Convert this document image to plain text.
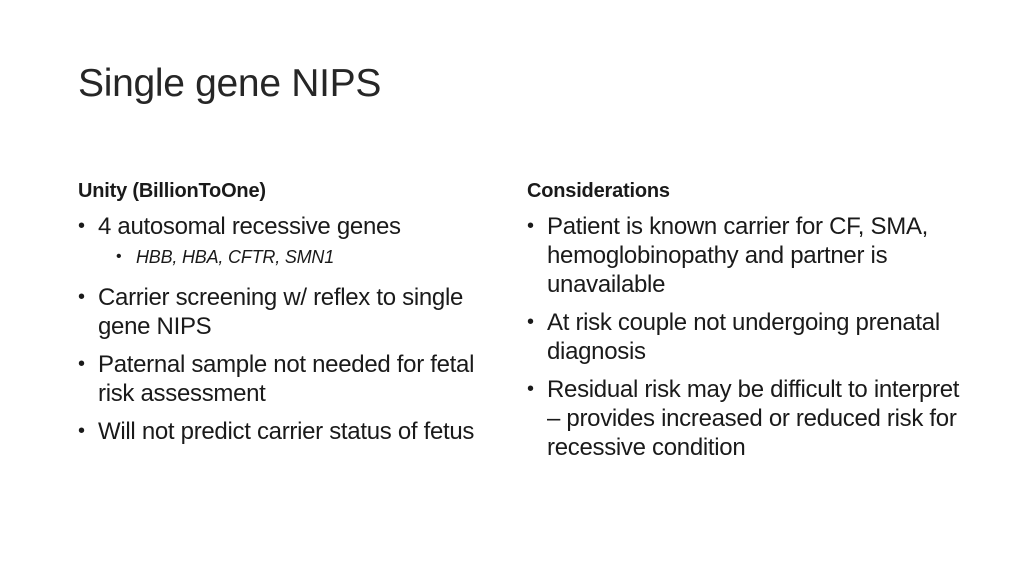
Single gene NIPS
Unity (BillionToOne)
• 4 autosomal recessive genes
• HBB, HBA, CFTR, SMN1
• Carrier screening w/ reflex to single gene NIPS
• Paternal sample not needed for fetal risk assessment
• Will not predict carrier status of fetus
Considerations
• Patient is known carrier for CF, SMA, hemoglobinopathy and partner is unavailable
• At risk couple not undergoing prenatal diagnosis
• Residual risk may be difficult to interpret – provides increased or reduced risk for recessive condition
